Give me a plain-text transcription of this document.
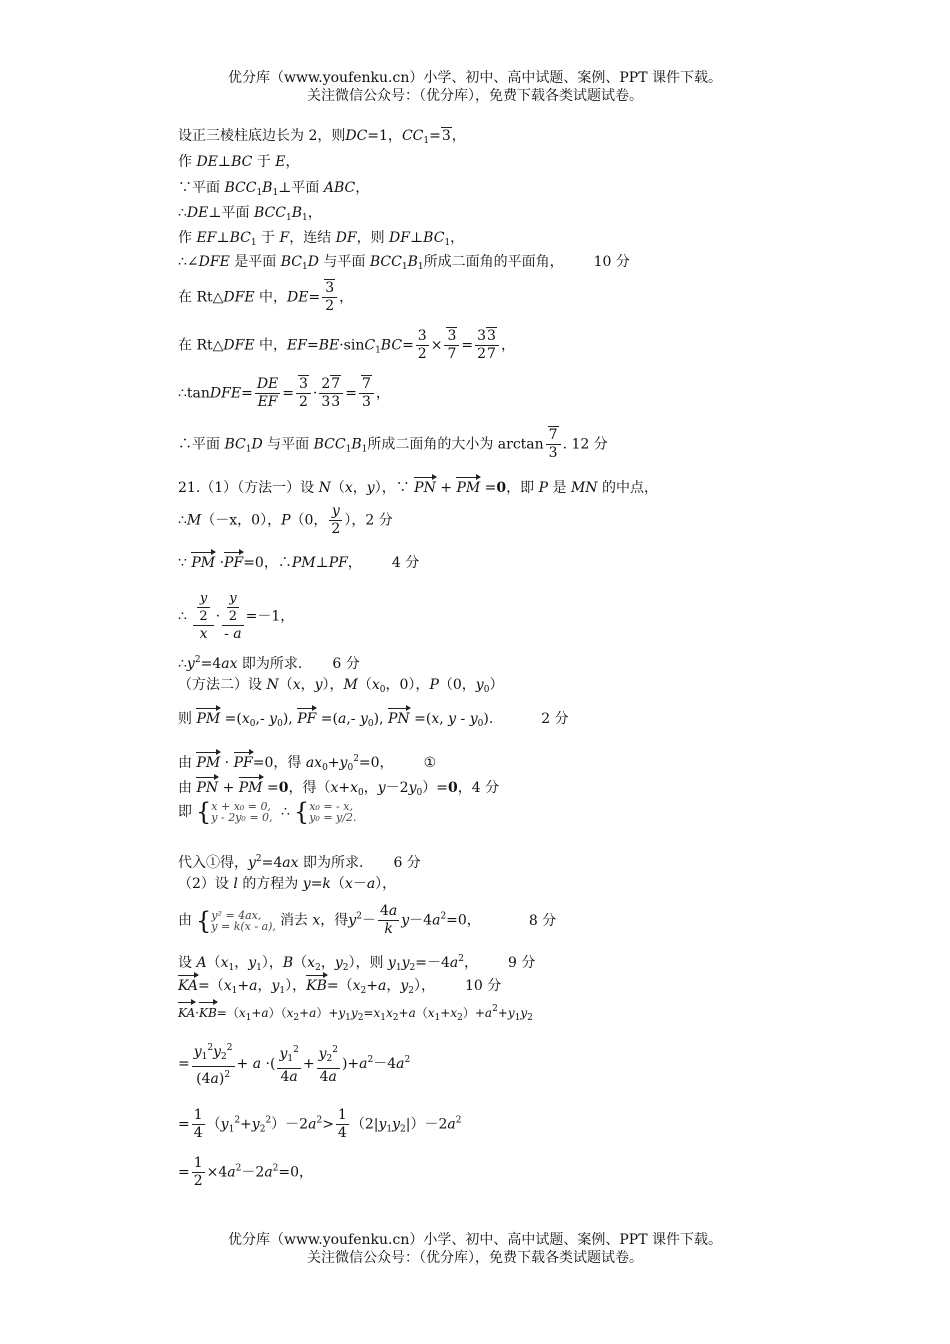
优分库（www.youfenku.cn）小学、初中、高中试题、案例、PPT 课件下载。
关注微信公众号：（优分库），免费下载各类试题试卷。
设正三棱柱底边长为 2，则DC=1，$CC_1=3$，
作 DE⊥BC 于 E，
∵平面 $BCC_1B_1\perp$平面 ABC，
∴DE⊥平面 $BCC_1B_1$，
作 $EF\perp BC_1$ 于 F，连结 DF，则 $DF\perp BC_1$，
∴∠DFE 是平面 $BC_1D$ 与平面 $BCC_1B_1$所成二面角的平面角， 10 分
在 Rt△DFE 中，$DE= \frac{3}{2}$ ，
在 Rt△DFE 中，$EF=BE\cdot\sin C_1BC= \frac{3}{2} \times \frac{3}{7} = \frac{33}{27}$ ，
∴tanDFE= $\frac{DE}{EF} = \frac{3}{2} \cdot \frac{27}{33} = \frac{7}{3}$ ，
∴平面 $BC_1D$ 与平面 $BCC_1B_1$所成二面角的大小为 $\arctan \frac{7}{3}$ . 12 分
21.（1）（方法一）设 N（x，y），∵ PN + PM =0，即 P 是 MN 的中点，
∴M（－x，0），P（0， $\frac{y}{2}$ ），2 分
∵ PM ·PF=0，∴PM⊥PF， 4 分
∴ $\frac{\frac{y}{2}}{x} \cdot \frac{\frac{y}{2}}{- a} =-1$，
$\therefore y^2=4ax$ 即为所求. 6 分
（方法二）设 N（x，y），$M(x_0$，0），P（0，$y_0$）
则 PM $=(x_0,-$ $y_0$), PF =(a,- $y_0$), PN =(x, y - $y_0$).	2 分
由 PM · PF=0，得 $ax_0+y_0^2=0$， ①
由 PN + PM =0，得（$x+x_0$，$y-2y_0)=0$，4 分
即 {x + x₀ = 0,
y - 2y₀ = 0, ∴ {x₀ = - x,
y₀ = y/2.
代入①得，$y^2=4ax$ 即为所求. 6 分
（2）设 l 的方程为 y=k（x－a），
由 {y² = 4ax,
y = k(x - a), 消去 x，得$y^2- \frac{4a}{k} y-4a^2=0$，	8 分
设 $A(x_1$，$y_1$），$B(x_2$，$y_2$），则 $y_1y_2=-4a^2$， 9 分
$KA=(x_1+a$，$y_1$），$KB=(x_2+a$，$y_2$）， 10 分
$KA\cdot KB=(x_1+a)(x_2+a)+y_1y_2=x_1x_2+a(x_1+x_2)+a^2+y_1y_2$
= $\frac{y_1^2y_2^2}{(4a)^2} + a$ ·( $\frac{y_1^2}{4a} + \frac{y_2^2}{4a} )+a^2-4a^2$
= $\frac{1}{4} (y_1^2+y_2^2)-2a^2> \frac{1}{4} (2|y_1y_2|)-2a^2$
= $\frac{1}{2} \times 4a^2-2a^2=0$，
优分库（www.youfenku.cn）小学、初中、高中试题、案例、PPT 课件下载。
关注微信公众号：（优分库），免费下载各类试题试卷。
